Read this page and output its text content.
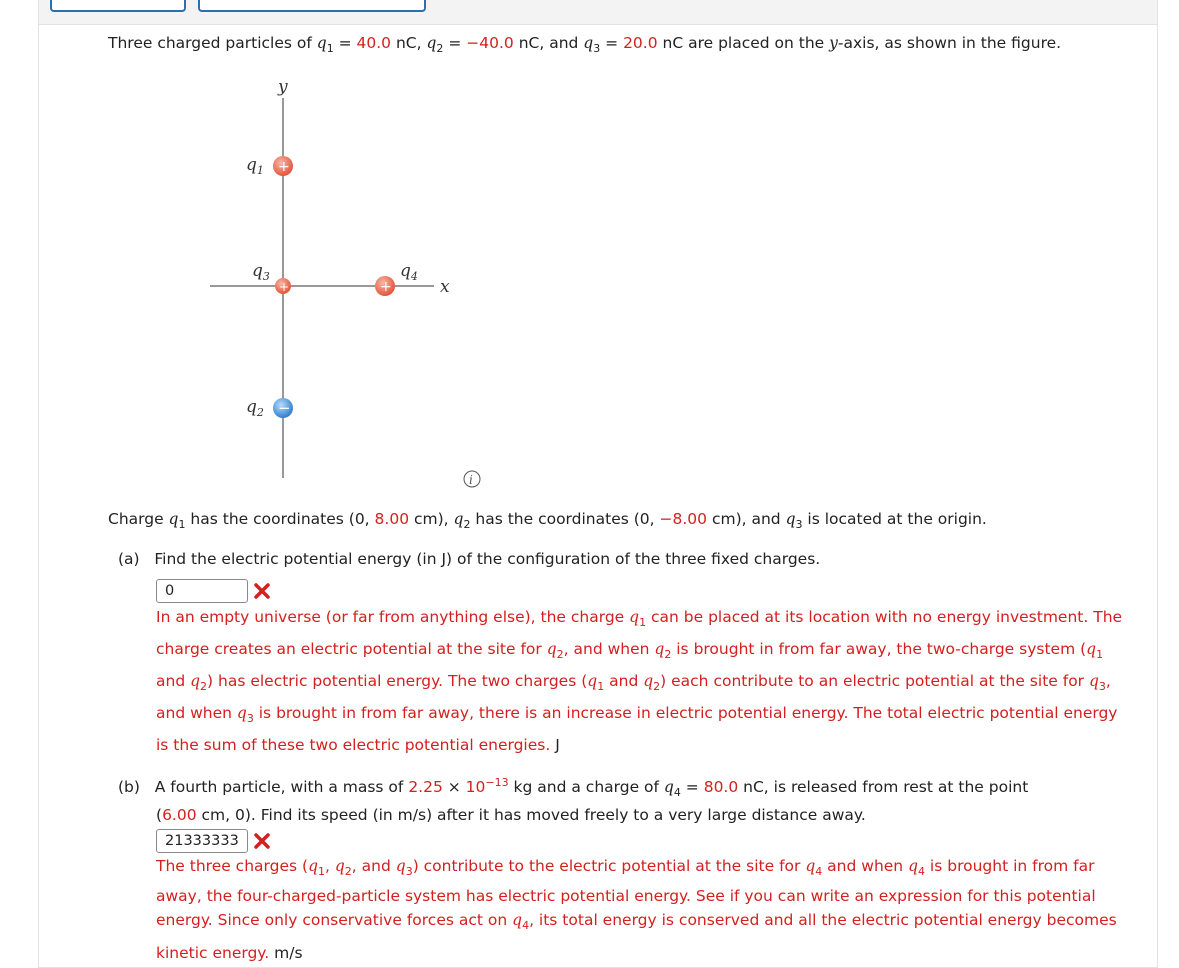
Three charged particles of $q_1 = 40.0$ nC, $q_2 = -40.0$ nC, and $q_3 = 20.0$ nC are placed on the y-axis, as shown in the figure.
y
x
+
$q_1$
+
$q_3$
+
$q_4$
−
$q_2$
i
Charge $q_1$ has the coordinates (0, 8.00 cm), $q_2$ has the coordinates (0, −8.00 cm), and $q_3$ is located at the origin.
(a) Find the electric potential energy (in J) of the configuration of the three fixed charges.
0
In an empty universe (or far from anything else), the charge $q_1$ can be placed at its location with no energy investment. The
charge creates an electric potential at the site for $q_2$, and when $q_2$ is brought in from far away, the two-charge system ($q_1$
and $q_2$) has electric potential energy. The two charges ($q_1$ and $q_2$) each contribute to an electric potential at the site for $q_3$,
and when $q_3$ is brought in from far away, there is an increase in electric potential energy. The total electric potential energy
is the sum of these two electric potential energies. J
(b) A fourth particle, with a mass of $2.25 \times 10^{-13}$ kg and a charge of $q_4 = 80.0$ nC, is released from rest at the point
(6.00 cm, 0). Find its speed (in m/s) after it has moved freely to a very large distance away.
21333333
The three charges ($q_1$, $q_2$, and $q_3$) contribute to the electric potential at the site for $q_4$ and when $q_4$ is brought in from far
away, the four-charged-particle system has electric potential energy. See if you can write an expression for this potential
energy. Since only conservative forces act on $q_4$, its total energy is conserved and all the electric potential energy becomes
kinetic energy. m/s
